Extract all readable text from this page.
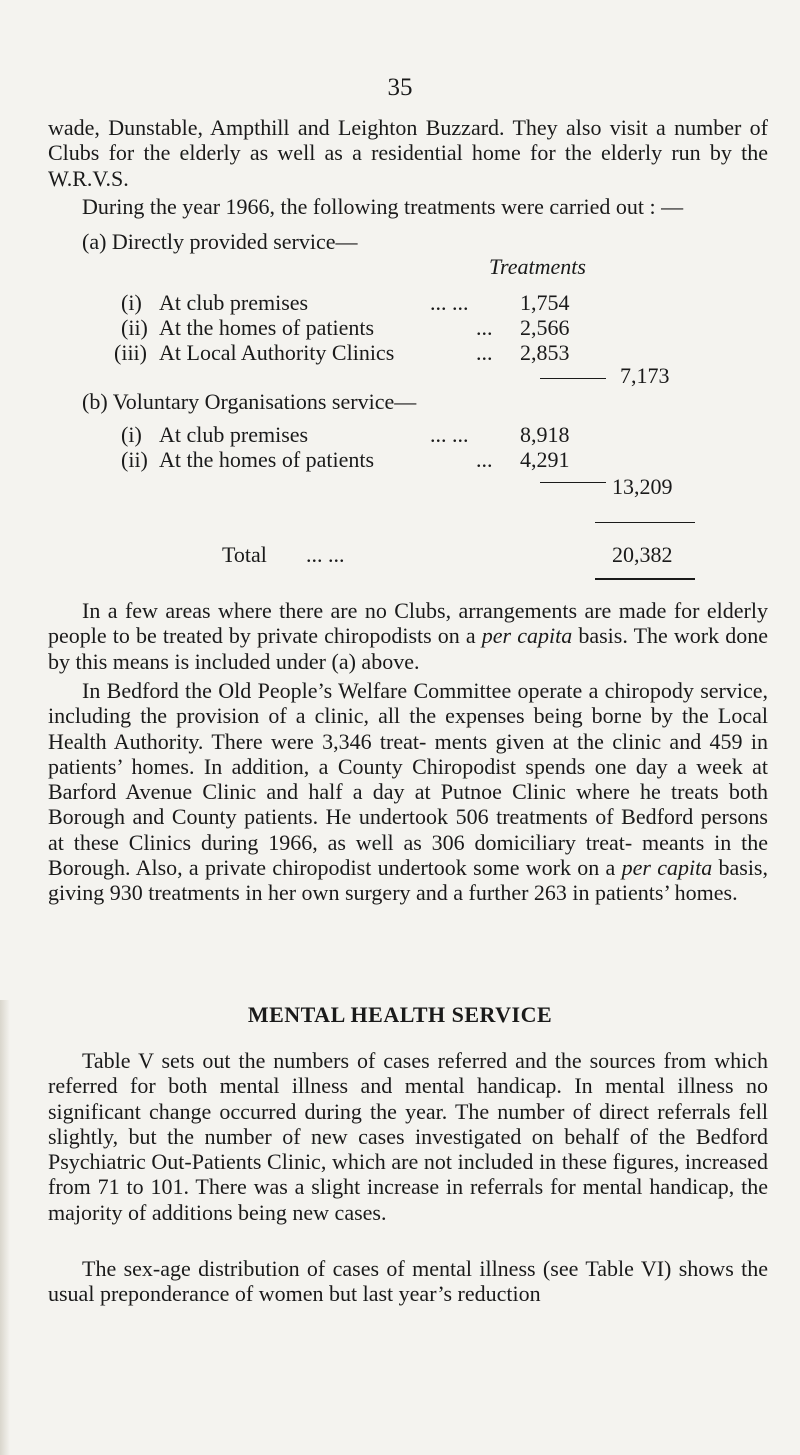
35

wade, Dunstable, Ampthill and Leighton Buzzard. They also visit a number of Clubs for the elderly as well as a residential home for the elderly run by the W.R.V.S.

During the year 1966, the following treatments were carried out : —

(a) Directly provided service—
Treatments
(i) At club premises	... ... 1,754
(ii) At the homes of patients	... 2,566
(iii) At Local Authority Clinics	... 2,853
7,173
(b) Voluntary Organisations service—
(i) At club premises	... ... 8,918
(ii) At the homes of patients	... 4,291
13,209
Total ... ...	20,382

In a few areas where there are no Clubs, arrangements are made for elderly people to be treated by private chiropodists on a per capita basis. The work done by this means is included under (a) above.

In Bedford the Old People’s Welfare Committee operate a chiropody service, including the provision of a clinic, all the expenses being borne by the Local Health Authority. There were 3,346 treat- ments given at the clinic and 459 in patients’ homes. In addition, a County Chiropodist spends one day a week at Barford Avenue Clinic and half a day at Putnoe Clinic where he treats both Borough and County patients. He undertook 506 treatments of Bedford persons at these Clinics during 1966, as well as 306 domiciliary treat- meants in the Borough. Also, a private chiropodist undertook some work on a per capita basis, giving 930 treatments in her own surgery and a further 263 in patients’ homes.

MENTAL HEALTH SERVICE

Table V sets out the numbers of cases referred and the sources from which referred for both mental illness and mental handicap. In mental illness no significant change occurred during the year. The number of direct referrals fell slightly, but the number of new cases investigated on behalf of the Bedford Psychiatric Out-Patients Clinic, which are not included in these figures, increased from 71 to 101. There was a slight increase in referrals for mental handicap, the majority of additions being new cases.

The sex-age distribution of cases of mental illness (see Table VI) shows the usual preponderance of women but last year’s reduction
